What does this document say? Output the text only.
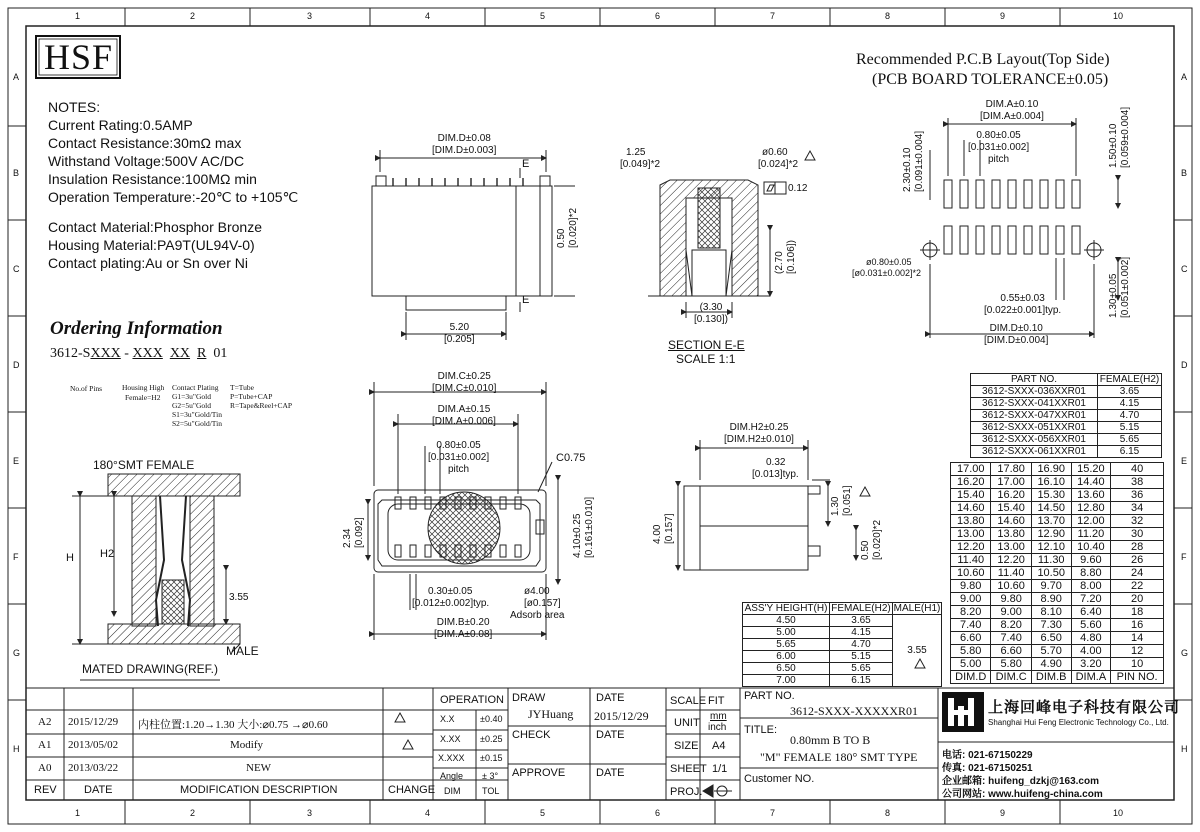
1	2	3	4	5	6	7	8	9	10
1	2	3	4	5	6	7	8	9	10
A
B
C
D
E
F
G
H
A
B
C
D
E
F
G
H
HSF	Recommended P.C.B Layout(Top Side)
(PCB BOARD TOLERANCE±0.05)
NOTES:
Current Rating:0.5AMP
Contact Resistance:30mΩ max
Withstand Voltage:500V AC/DC
Insulation Resistance:100MΩ min
Operation Temperature:-20℃ to +105℃
Contact Material:Phosphor Bronze
Housing Material:PA9T(UL94V-0)
Contact plating:Au or Sn over Ni
Ordering Information
3612-SXXX - XXX XX R 01
No.of Pins	Housing High
Female=H2
Contact Plating
G1=3u"Gold
G2=5u"Gold
S1=3u"Gold/Tin
S2=5u"Gold/Tin
T=Tube
P=Tube+CAP
R=Tape&Reel+CAP
180°SMT FEMALE
MALE
H H2
3.55
MATED DRAWING(REF.)
DIM.D±0.08
[DIM.D±0.003]
0.50 [0.020]*2
5.20
[0.205]
E
E
1.25
[0.049]*2
ø0.60
[0.024]*2
0.12
(2.70 [0.106])
(3.30
[0.130])
SECTION E-E
SCALE 1:1
DIM.A±0.10
[DIM.A±0.004]
0.80±0.05
[0.031±0.002]
pitch
2.30±0.10 [0.091±0.004]	1.50±0.10 [0.059±0.004]
ø0.80±0.05
[ø0.031±0.002]*2
0.55±0.03
[0.022±0.001]typ.
DIM.D±0.10
[DIM.D±0.004]
1.30±0.05 [0.051±0.002]
DIM.C±0.25
[DIM.C±0.010]
DIM.A±0.15
[DIM.A±0.006]
0.80±0.05
[0.031±0.002]
pitch
C0.75
2.34 [0.092]	4.10±0.25 [0.161±0.010]
0.30±0.05
[0.012±0.002]typ.
ø4.00
[ø0.157]
Adsorb area
DIM.B±0.20
[DIM.A±0.08]
DIM.H2±0.25
[DIM.H2±0.010]
0.32
[0.013]typ.
1.30 [0.051]
0.50 [0.020]*2
4.00 [0.157]
PART NO.	FEMALE(H2)
3612-SXXX-036XXR01	3.65
3612-SXXX-041XXR01	4.15
3612-SXXX-047XXR01	4.70
3612-SXXX-051XXR01	5.15
3612-SXXX-056XXR01	5.65
3612-SXXX-061XXR01	6.15
17.00	17.80	16.90	15.20	40
16.20	17.00	16.10	14.40	38
15.40	16.20	15.30	13.60	36
14.60	15.40	14.50	12.80	34
13.80	14.60	13.70	12.00	32
13.00	13.80	12.90	11.20	30
12.20	13.00	12.10	10.40	28
11.40	12.20	11.30	9.60	26
10.60	11.40	10.50	8.80	24
9.80	10.60	9.70	8.00	22
9.00	9.80	8.90	7.20	20
8.20	9.00	8.10	6.40	18
7.40	8.20	7.30	5.60	16
6.60	7.40	6.50	4.80	14
5.80	6.60	5.70	4.00	12
5.00	5.80	4.90	3.20	10
DIM.D	DIM.C	DIM.B	DIM.A	PIN NO.
ASS'Y HEIGHT(H)	FEMALE(H2)	MALE(H1)
4.50	3.65	3.55
5.00	4.15	
5.65	4.70	
6.00	5.15	
6.50	5.65	
7.00	6.15	
A2 2015/12/29 内柱位置:1.20→1.30 大小:⌀0.75 →⌀0.60
A1 2013/05/02	Modify
A0 2013/03/22	NEW
REV DATE	MODIFICATION DESCRIPTION	CHANGE
OPERATION
X.X	±0.40
X.XX ±0.25
X.XXX ±0.15
Angle ± 3°
DIM TOL
DRAW
JYHuang
DATE
2015/12/29
CHECK	DATE
APPROVE	DATE
SCALE FIT
UNIT
mm
inch
SIZE A4
SHEET 1/1
PROJ.
PART NO.
3612-SXXX-XXXXXR01
TITLE:
0.80mm B TO B
"M" FEMALE 180° SMT TYPE
Customer NO.
上海回峰电子科技有限公司
Shanghai Hui Feng Electronic Technology Co., Ltd.
电话: 021-67150229
传真: 021-67150251
企业邮箱: huifeng_dzkj@163.com
公司网站: www.huifeng-china.com
